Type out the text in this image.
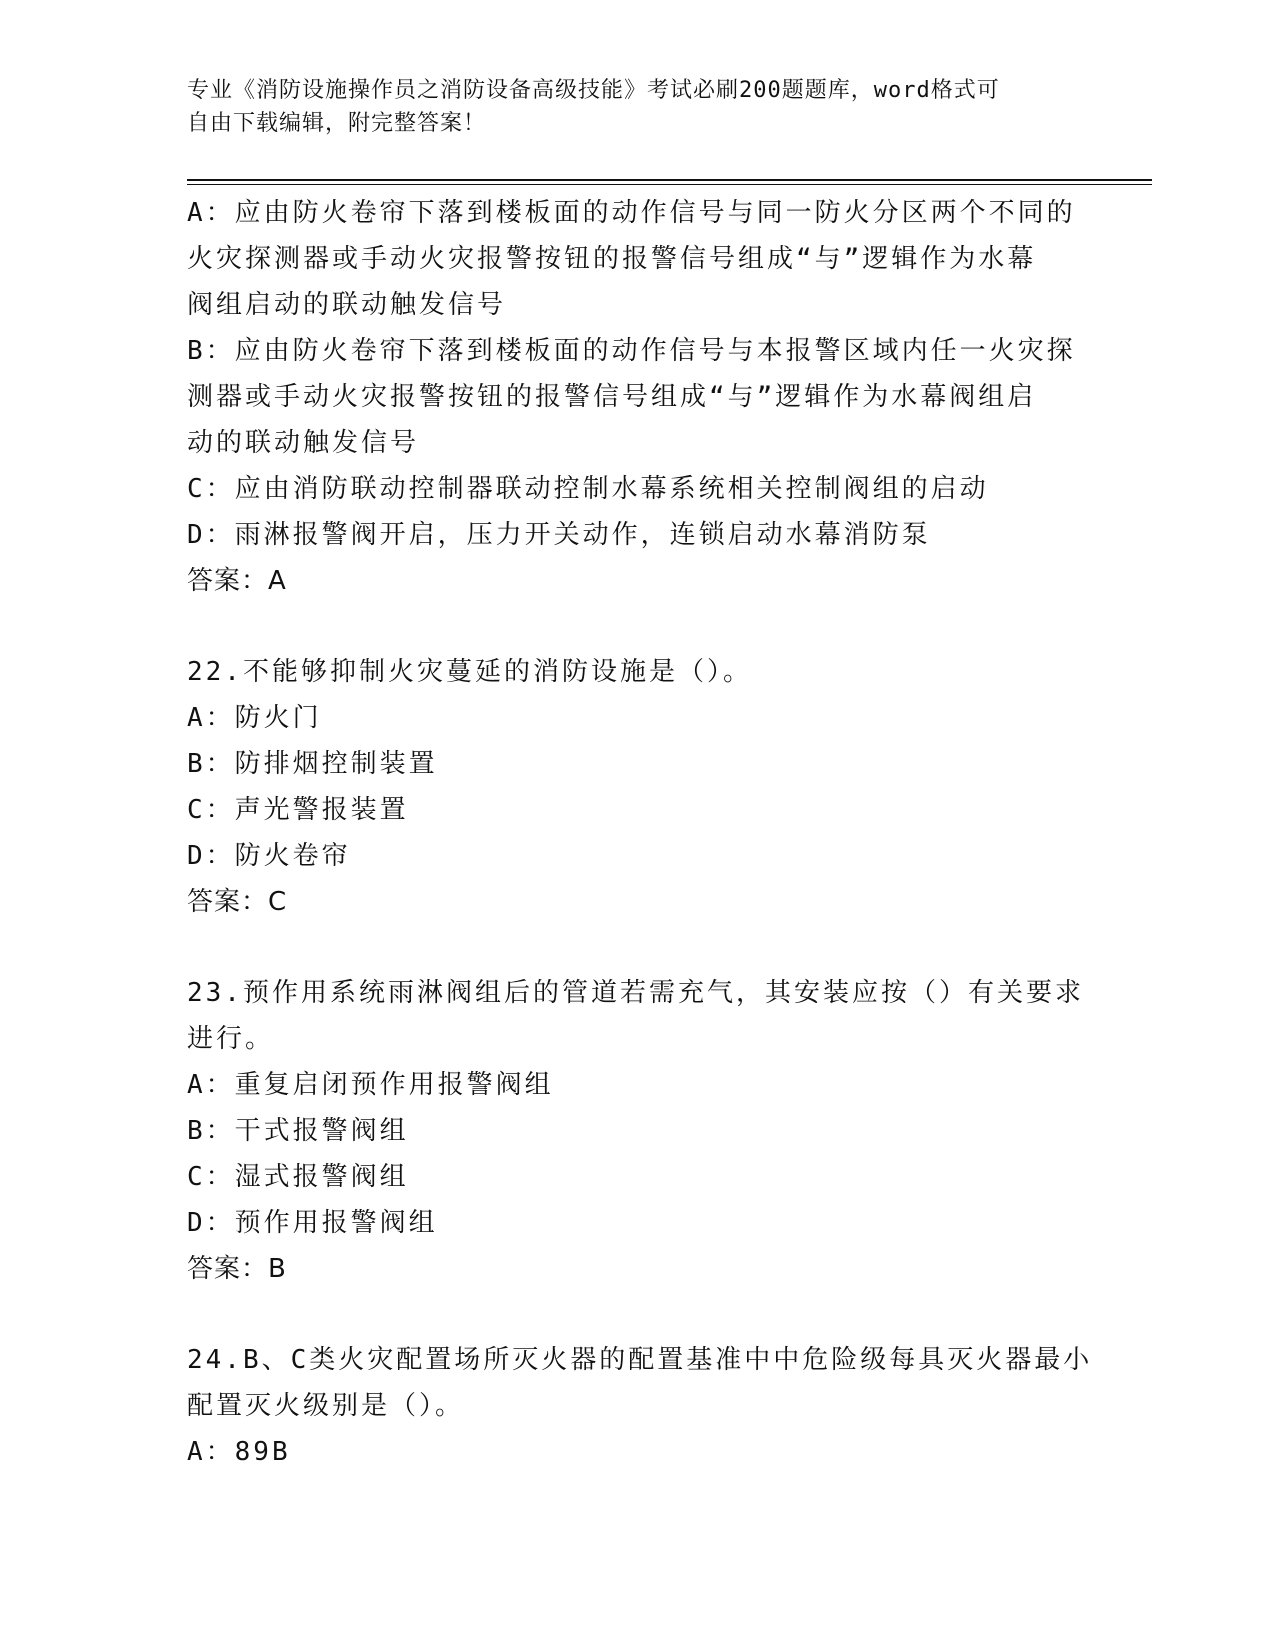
专业《消防设施操作员之消防设备高级技能》考试必刷200题题库，word格式可
自由下载编辑，附完整答案！
A：应由防火卷帘下落到楼板面的动作信号与同一防火分区两个不同的
火灾探测器或手动火灾报警按钮的报警信号组成“与”逻辑作为水幕
阀组启动的联动触发信号
B：应由防火卷帘下落到楼板面的动作信号与本报警区域内任一火灾探
测器或手动火灾报警按钮的报警信号组成“与”逻辑作为水幕阀组启
动的联动触发信号
C：应由消防联动控制器联动控制水幕系统相关控制阀组的启动
D：雨淋报警阀开启，压力开关动作，连锁启动水幕消防泵
答案：A
22.不能够抑制火灾蔓延的消防设施是（）。
A：防火门
B：防排烟控制装置
C：声光警报装置
D：防火卷帘
答案：C
23.预作用系统雨淋阀组后的管道若需充气，其安装应按（）有关要求
进行。
A：重复启闭预作用报警阀组
B：干式报警阀组
C：湿式报警阀组
D：预作用报警阀组
答案：B
24.B、C类火灾配置场所灭火器的配置基准中中危险级每具灭火器最小
配置灭火级别是（）。
A：89B
